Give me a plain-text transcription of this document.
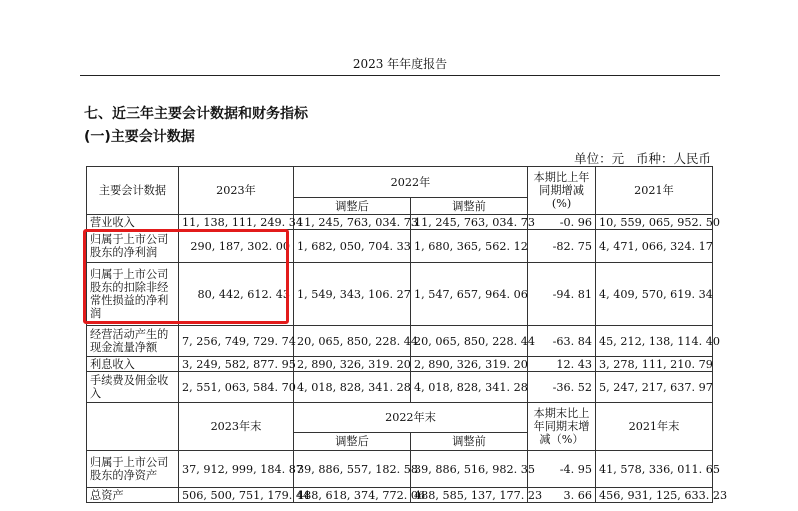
2023 年年度报告
七、近三年主要会计数据和财务指标
(一)主要会计数据
单位：元   币种：人民币
主要会计数据	2023年	2022年		本期比上年同期增减(%)	2021年
		调整后	调整前		
营业收入	11, 138, 111, 249. 34	11, 245, 763, 034. 73	11, 245, 763, 034. 73	-0. 96	10, 559, 065, 952. 50
归属于上市公司股东的净利润	290, 187, 302. 00	1, 682, 050, 704. 33	1, 680, 365, 562. 12	-82. 75	4, 471, 066, 324. 17
归属于上市公司股东的扣除非经常性损益的净利润	80, 442, 612. 43	1, 549, 343, 106. 27	1, 547, 657, 964. 06	-94. 81	4, 409, 570, 619. 34
经营活动产生的现金流量净额	7, 256, 749, 729. 74	20, 065, 850, 228. 44	20, 065, 850, 228. 44	-63. 84	45, 212, 138, 114. 40
利息收入	3, 249, 582, 877. 95	2, 890, 326, 319. 20	2, 890, 326, 319. 20	12. 43	3, 278, 111, 210. 79
手续费及佣金收入	2, 551, 063, 584. 70	4, 018, 828, 341. 28	4, 018, 828, 341. 28	-36. 52	5, 247, 217, 637. 97
	2023年末	2022年末		本期末比上年同期末增减（%）	2021年末
		调整后	调整前		
归属于上市公司股东的净资产	37, 912, 999, 184. 87	39, 886, 557, 182. 58	39, 886, 516, 982. 35	-4. 95	41, 578, 336, 011. 65
总资产	506, 500, 751, 179. 44	488, 618, 374, 772. 06	488, 585, 137, 177. 23	3. 66	456, 931, 125, 633. 23
